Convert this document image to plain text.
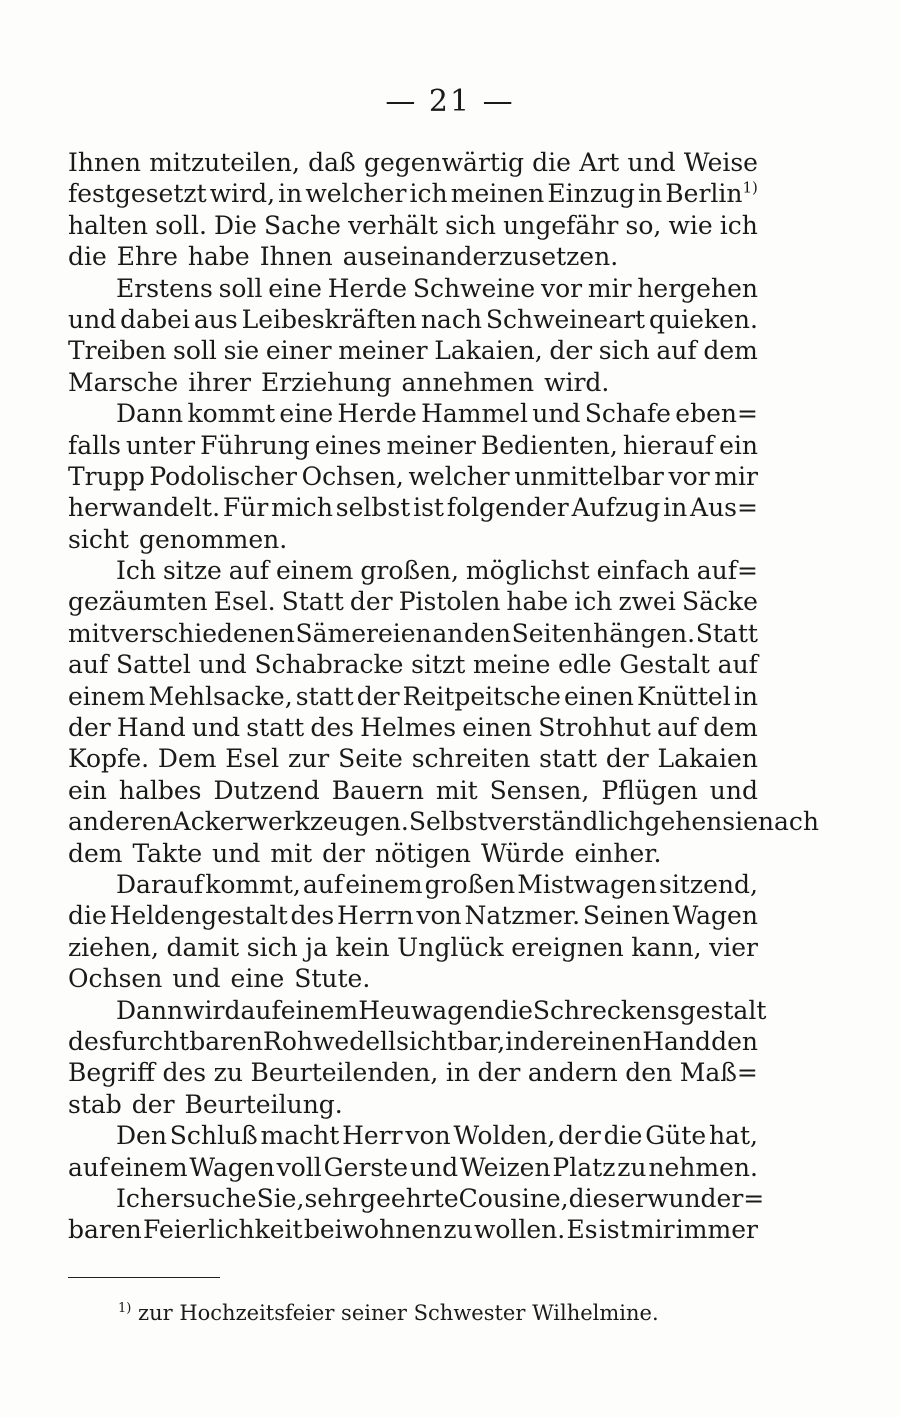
— 21 —
Ihnen mitzuteilen, daß gegenwärtig die Art und Weise
festgesetzt wird, in welcher ich meinen Einzug in Berlin$^{1)}$
halten soll. Die Sache verhält sich ungefähr so, wie ich
die Ehre habe Ihnen auseinanderzusetzen.
Erstens soll eine Herde Schweine vor mir hergehen
und dabei aus Leibeskräften nach Schweineart quieken.
Treiben soll sie einer meiner Lakaien, der sich auf dem
Marsche ihrer Erziehung annehmen wird.
Dann kommt eine Herde Hammel und Schafe eben=
falls unter Führung eines meiner Bedienten, hierauf ein
Trupp Podolischer Ochsen, welcher unmittelbar vor mir
herwandelt. Für mich selbst ist folgender Aufzug in Aus=
sicht genommen.
Ich sitze auf einem großen, möglichst einfach auf=
gezäumten Esel. Statt der Pistolen habe ich zwei Säcke
mit verschiedenen Sämereien an den Seiten hängen. Statt
auf Sattel und Schabracke sitzt meine edle Gestalt auf
einem Mehlsacke, statt der Reitpeitsche einen Knüttel in
der Hand und statt des Helmes einen Strohhut auf dem
Kopfe. Dem Esel zur Seite schreiten statt der Lakaien
ein halbes Dutzend Bauern mit Sensen, Pflügen und
anderen Ackerwerkzeugen. Selbstverständlich gehen sie nach
dem Takte und mit der nötigen Würde einher.
Darauf kommt, auf einem großen Mistwagen sitzend,
die Heldengestalt des Herrn von Natzmer. Seinen Wagen
ziehen, damit sich ja kein Unglück ereignen kann, vier
Ochsen und eine Stute.
Dann wird auf einem Heuwagen die Schreckensgestalt
des furchtbaren Rohwedell sichtbar, in der einen Hand den
Begriff des zu Beurteilenden, in der andern den Maß=
stab der Beurteilung.
Den Schluß macht Herr von Wolden, der die Güte hat,
auf einem Wagen voll Gerste und Weizen Platz zu nehmen.
Ich ersuche Sie, sehr geehrte Cousine, dieser wunder=
baren Feierlichkeit beiwohnen zu wollen. Es ist mir immer
$^{1)}$ zur Hochzeitsfeier seiner Schwester Wilhelmine.
